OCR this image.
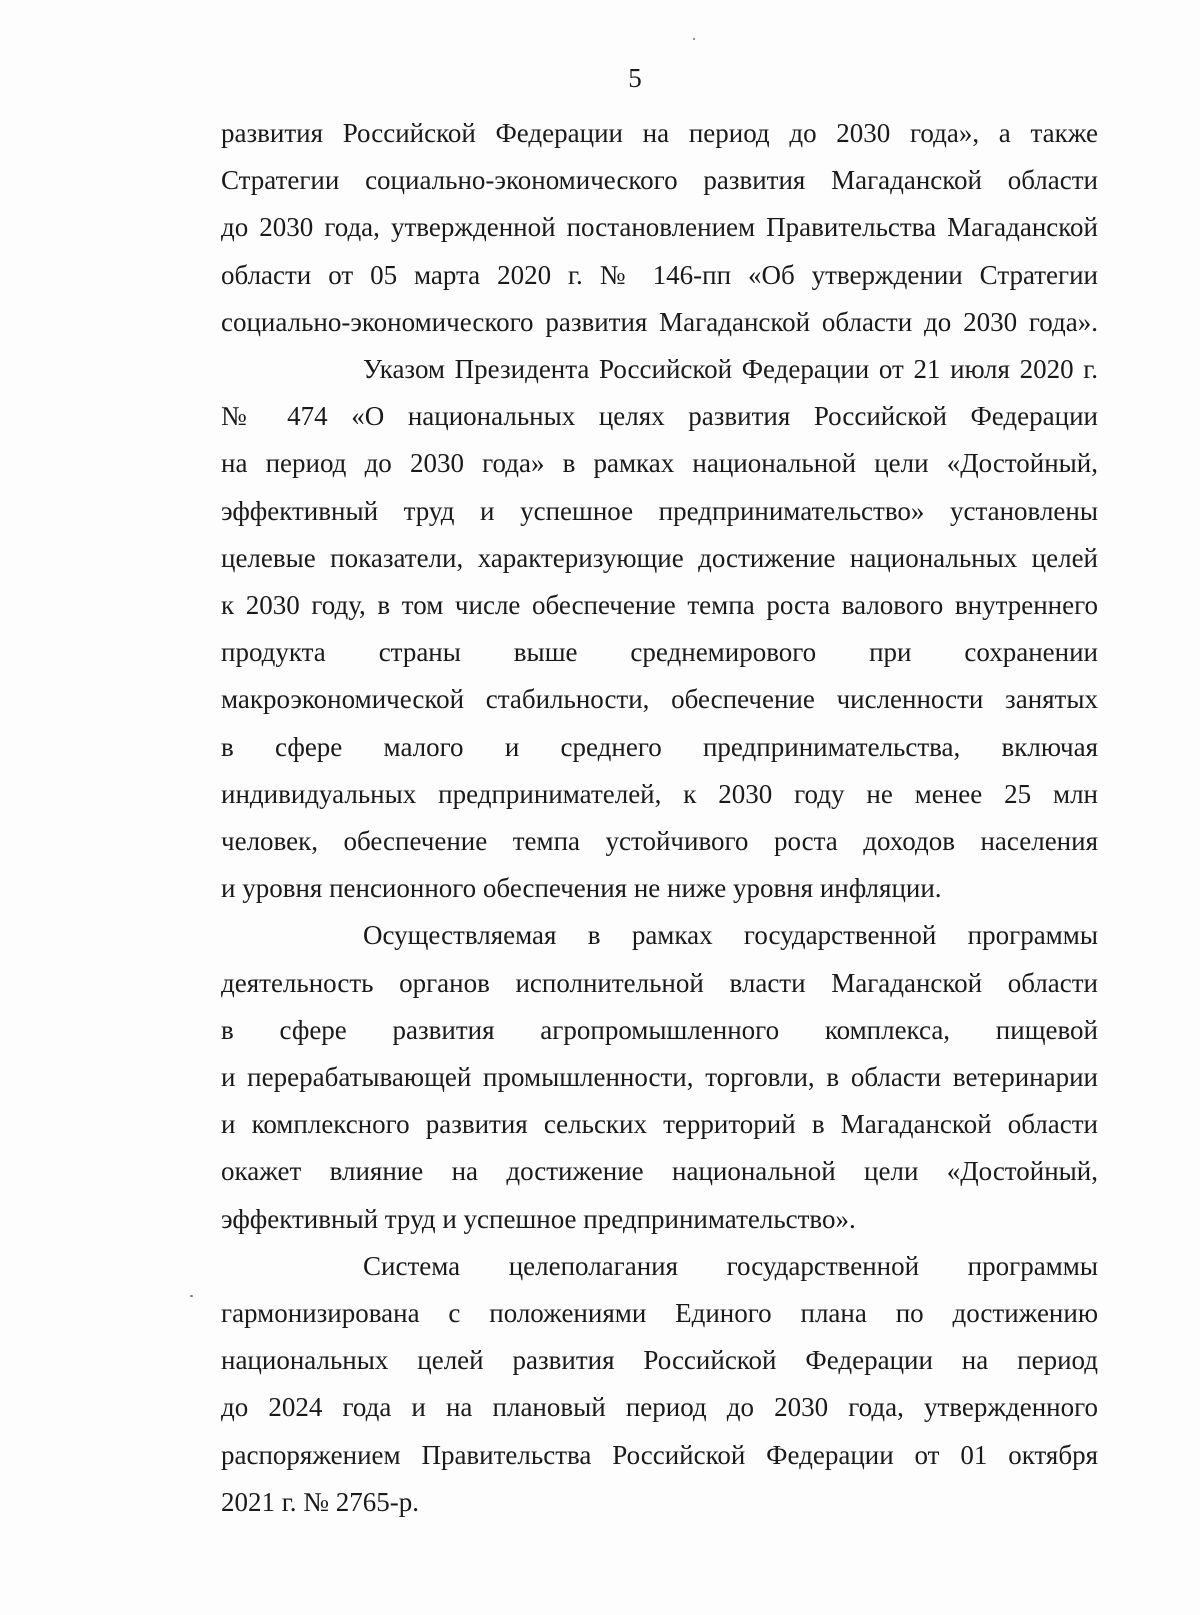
5
развития Российской Федерации на период до 2030 года», а также
Стратегии социально-экономического развития Магаданской области
до 2030 года, утвержденной постановлением Правительства Магаданской
области от 05 марта 2020 г. № 146-пп «Об утверждении Стратегии
социально-экономического развития Магаданской области до 2030 года».
Указом Президента Российской Федерации от 21 июля 2020 г.
№ 474 «О национальных целях развития Российской Федерации
на период до 2030 года» в рамках национальной цели «Достойный,
эффективный труд и успешное предпринимательство» установлены
целевые показатели, характеризующие достижение национальных целей
к 2030 году, в том числе обеспечение темпа роста валового внутреннего
продукта страны выше среднемирового при сохранении
макроэкономической стабильности, обеспечение численности занятых
в сфере малого и среднего предпринимательства, включая
индивидуальных предпринимателей, к 2030 году не менее 25 млн
человек, обеспечение темпа устойчивого роста доходов населения
и уровня пенсионного обеспечения не ниже уровня инфляции.
Осуществляемая в рамках государственной программы
деятельность органов исполнительной власти Магаданской области
в сфере развития агропромышленного комплекса, пищевой
и перерабатывающей промышленности, торговли, в области ветеринарии
и комплексного развития сельских территорий в Магаданской области
окажет влияние на достижение национальной цели «Достойный,
эффективный труд и успешное предпринимательство».
Система целеполагания государственной программы
гармонизирована с положениями Единого плана по достижению
национальных целей развития Российской Федерации на период
до 2024 года и на плановый период до 2030 года, утвержденного
распоряжением Правительства Российской Федерации от 01 октября
2021 г. № 2765-р.
